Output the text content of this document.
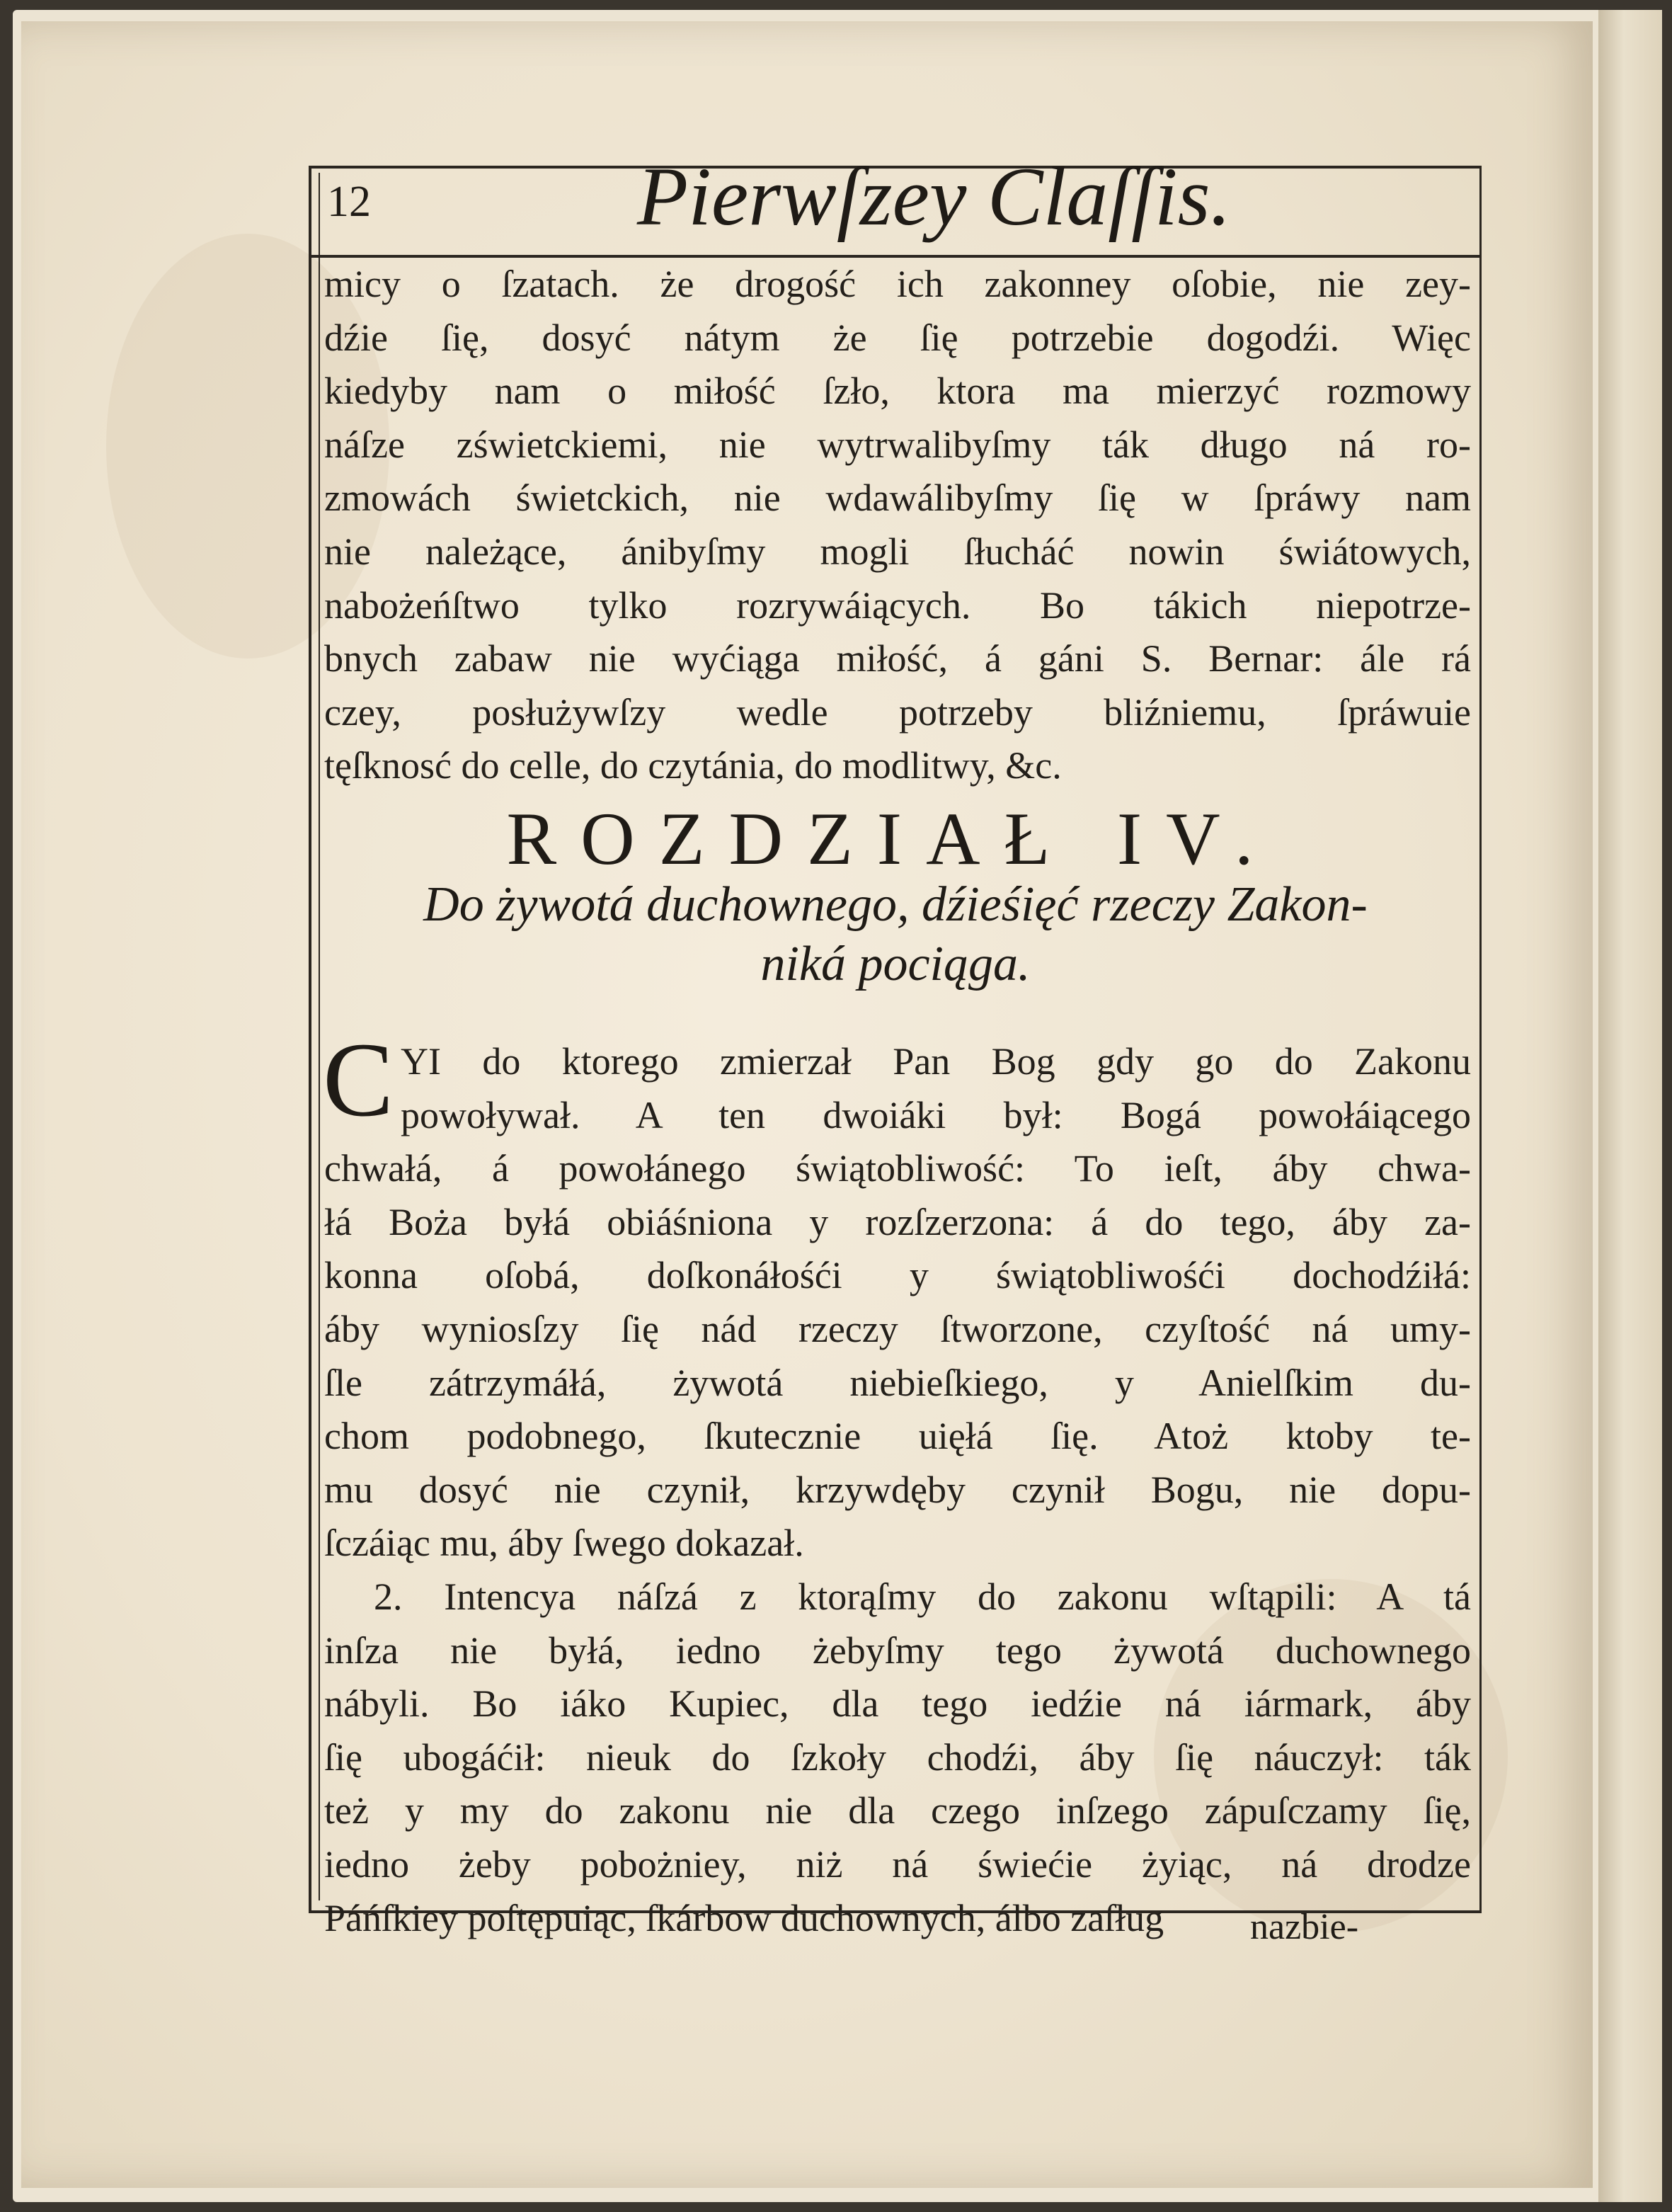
12	Pierwſzey Claſſis.
micy o ſzatach. że drogość ich zakonney oſobie, nie zey-
dźie ſię, dosyć nátym że ſię potrzebie dogodźi. Więc
kiedyby nam o miłość ſzło, ktora ma mierzyć rozmowy
náſze zświetckiemi, nie wytrwalibyſmy ták długo ná ro-
zmowách świetckich, nie wdawálibyſmy ſię w ſpráwy nam
nie należące, ánibyſmy mogli ſłucháć nowin świátowych,
nabożeńſtwo tylko rozrywáiących. Bo tákich niepotrze-
bnych zabaw nie wyćiąga miłość, á gáni S. Bernar: ále rá
czey, posłużywſzy wedle potrzeby bliźniemu, ſpráwuie
tęſknosć do celle, do czytánia, do modlitwy, &c.
ROZDZIAŁ IV.
Do żywotá duchownego, dźieśięć rzeczy Zakon-
niká pociąga.
C YI do ktorego zmierzał Pan Bog gdy go do Zakonu
powoływał. A ten dwoiáki był: Bogá powołáiącego
chwałá, á powołánego świątobliwość: To ieſt, áby chwa-
łá Boża byłá obiáśniona y rozſzerzona: á do tego, áby za-
konna oſobá, doſkonáłośći y świątobliwośći dochodźiłá:
áby wyniosſzy ſię nád rzeczy ſtworzone, czyſtość ná umy-
ſle zátrzymáłá, żywotá niebieſkiego, y Anielſkim du-
chom podobnego, ſkutecznie uięłá ſię. Atoż ktoby te-
mu dosyć nie czynił, krzywdęby czynił Bogu, nie dopu-
ſczáiąc mu, áby ſwego dokazał.
2. Intencya náſzá z ktorąſmy do zakonu wſtąpili: A tá
inſza nie byłá, iedno żebyſmy tego żywotá duchownego
nábyli. Bo iáko Kupiec, dla tego iedźie ná iármark, áby
ſię ubogáćił: nieuk do ſzkoły chodźi, áby ſię náuczył: ták
też y my do zakonu nie dla czego inſzego zápuſczamy ſię,
iedno żeby pobożniey, niż ná świećie żyiąc, ná drodze
Páńſkiey poſtępuiąc, ſkárbow duchownych, álbo zaſług	nazbie-
